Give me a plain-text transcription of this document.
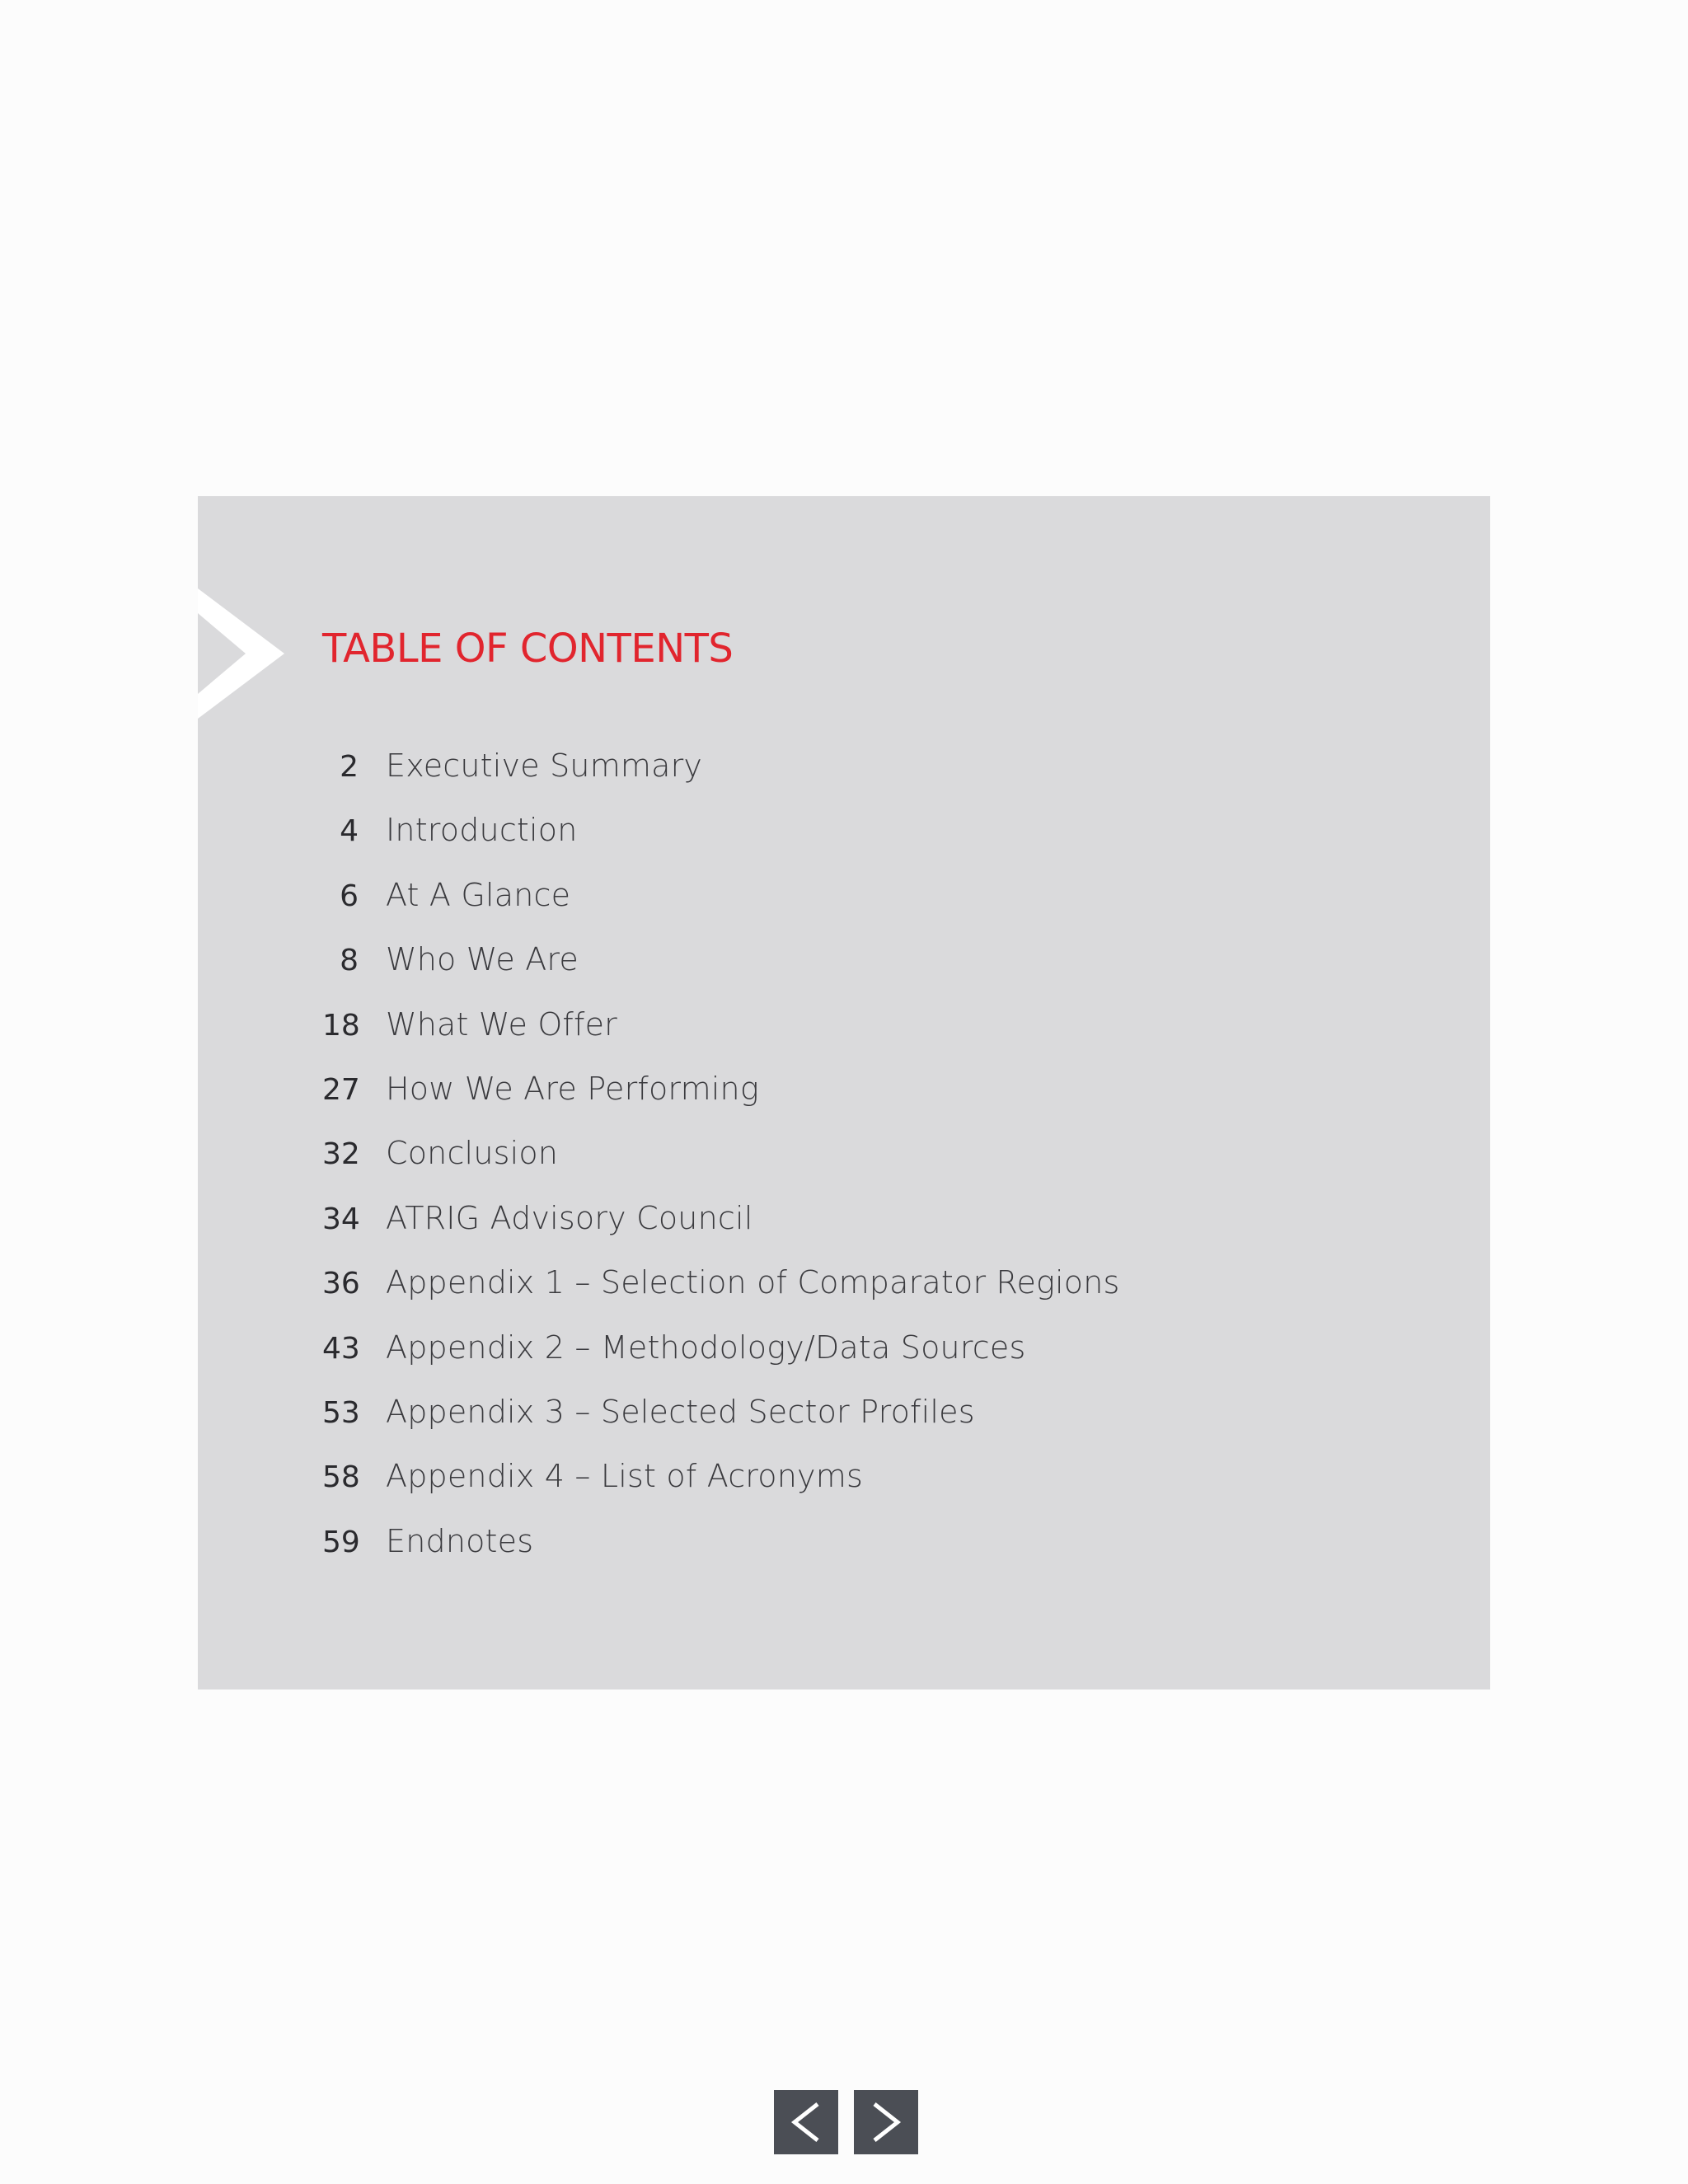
TABLE OF CONTENTS
2 Executive Summary
4 Introduction
6 At A Glance
8 Who We Are
18 What We Offer
27 How We Are Performing
32 Conclusion
34 ATRIG Advisory Council
36 Appendix 1 – Selection of Comparator Regions
43 Appendix 2 – Methodology/Data Sources
53 Appendix 3 – Selected Sector Profiles
58 Appendix 4 – List of Acronyms
59 Endnotes
